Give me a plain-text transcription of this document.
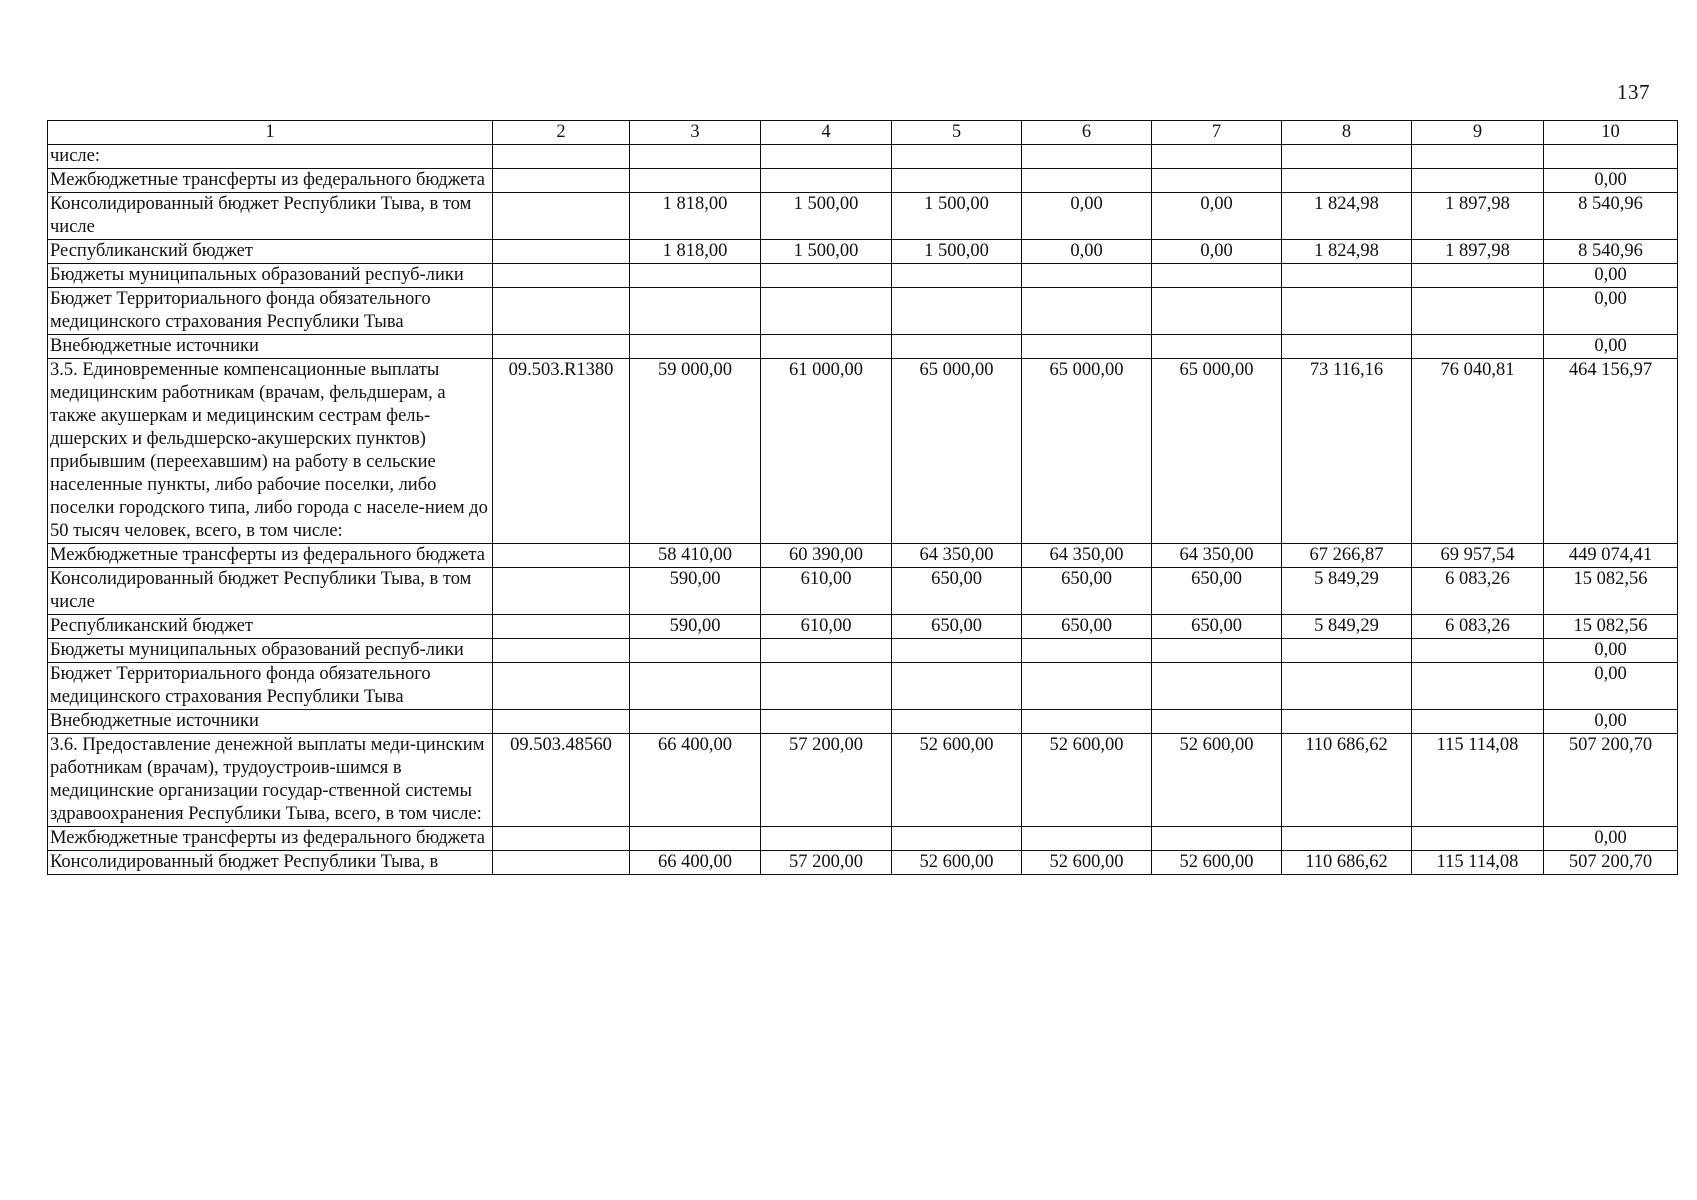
137
1	2	3	4	5	6	7	8	9	10
числе:									
Межбюджетные трансферты из федерального бюджета									0,00
Консолидированный бюджет Республики Тыва, в том числе		1 818,00	1 500,00	1 500,00	0,00	0,00	1 824,98	1 897,98	8 540,96
Республиканский бюджет		1 818,00	1 500,00	1 500,00	0,00	0,00	1 824,98	1 897,98	8 540,96
Бюджеты муниципальных образований респуб-лики									0,00
Бюджет Территориального фонда обязательного медицинского страхования Республики Тыва									0,00
Внебюджетные источники									0,00
3.5. Единовременные компенсационные выплаты медицинским работникам (врачам, фельдшерам, а также акушеркам и медицинским сестрам фель-дшерских и фельдшерско-акушерских пунктов) прибывшим (переехавшим) на работу в сельские населенные пункты, либо рабочие поселки, либо поселки городского типа, либо города с населе-нием до 50 тысяч человек, всего, в том числе:	09.503.R1380	59 000,00	61 000,00	65 000,00	65 000,00	65 000,00	73 116,16	76 040,81	464 156,97
Межбюджетные трансферты из федерального бюджета		58 410,00	60 390,00	64 350,00	64 350,00	64 350,00	67 266,87	69 957,54	449 074,41
Консолидированный бюджет Республики Тыва, в том числе		590,00	610,00	650,00	650,00	650,00	5 849,29	6 083,26	15 082,56
Республиканский бюджет		590,00	610,00	650,00	650,00	650,00	5 849,29	6 083,26	15 082,56
Бюджеты муниципальных образований респуб-лики									0,00
Бюджет Территориального фонда обязательного медицинского страхования Республики Тыва									0,00
Внебюджетные источники									0,00
3.6. Предоставление денежной выплаты меди-цинским работникам (врачам), трудоустроив-шимся в медицинские организации государ-ственной системы здравоохранения Республики Тыва, всего, в том числе:	09.503.48560	66 400,00	57 200,00	52 600,00	52 600,00	52 600,00	110 686,62	115 114,08	507 200,70
Межбюджетные трансферты из федерального бюджета									0,00
Консолидированный бюджет Республики Тыва, в		66 400,00	57 200,00	52 600,00	52 600,00	52 600,00	110 686,62	115 114,08	507 200,70
